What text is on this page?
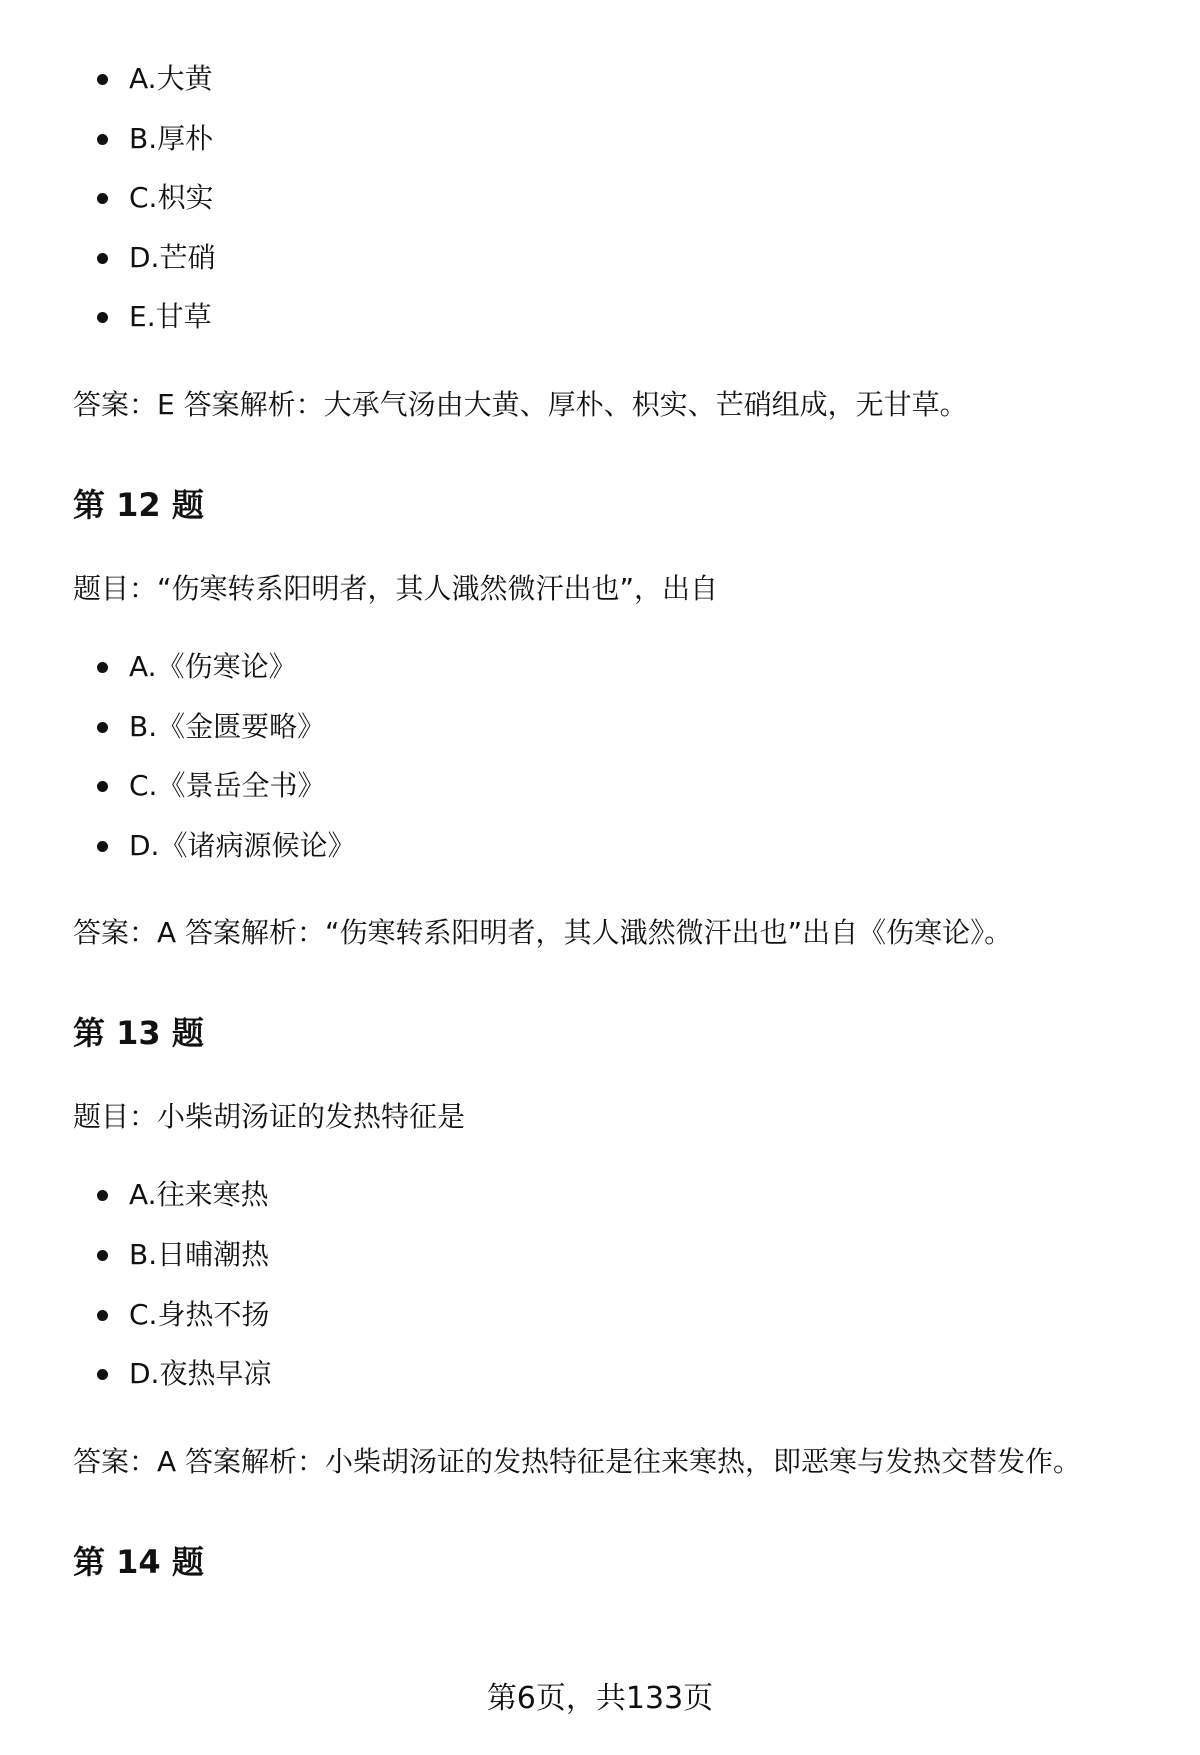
A.大黄
B.厚朴
C.枳实
D.芒硝
E.甘草
答案：E 答案解析：大承气汤由大黄、厚朴、枳实、芒硝组成，无甘草。
第 12 题
题目：“伤寒转系阳明者，其人濈然微汗出也”，出自
A.《伤寒论》
B.《金匮要略》
C.《景岳全书》
D.《诸病源候论》
答案：A 答案解析：“伤寒转系阳明者，其人濈然微汗出也”出自《伤寒论》。
第 13 题
题目：小柴胡汤证的发热特征是
A.往来寒热
B.日晡潮热
C.身热不扬
D.夜热早凉
答案：A 答案解析：小柴胡汤证的发热特征是往来寒热，即恶寒与发热交替发作。
第 14 题
第6页，共133页
